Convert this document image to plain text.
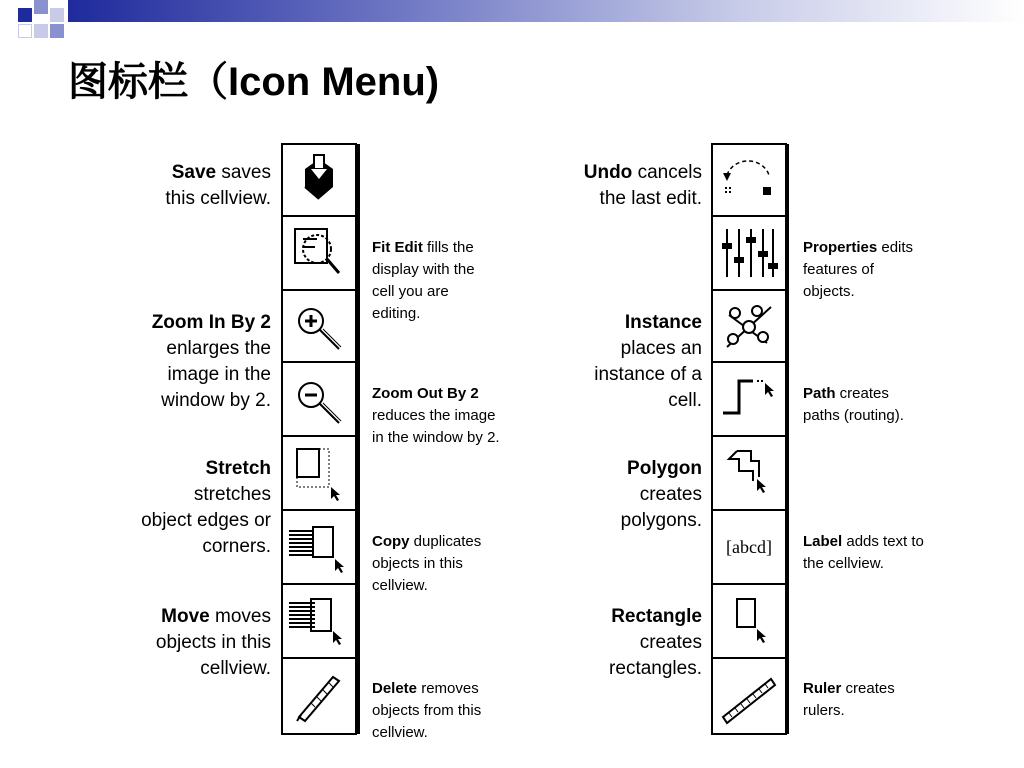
图标栏（Icon Menu)
Save saves
this cellview.
Zoom In By 2
enlarges the
image in the
window by 2.
Stretch
stretches
object edges or
corners.
Move moves
objects in this
cellview.
Fit Edit fills the
display with the
cell you are
editing.
Zoom Out By 2
reduces the image
in the window by 2.
Copy duplicates
objects in this
cellview.
Delete removes
objects from this
cellview.
[abcd]
Undo cancels
the last edit.
Instance
places an
instance of a
cell.
Polygon
creates
polygons.
Rectangle
creates
rectangles.
Properties edits
features of
objects.
Path creates
paths (routing).
Label adds text to
the cellview.
Ruler creates
rulers.
